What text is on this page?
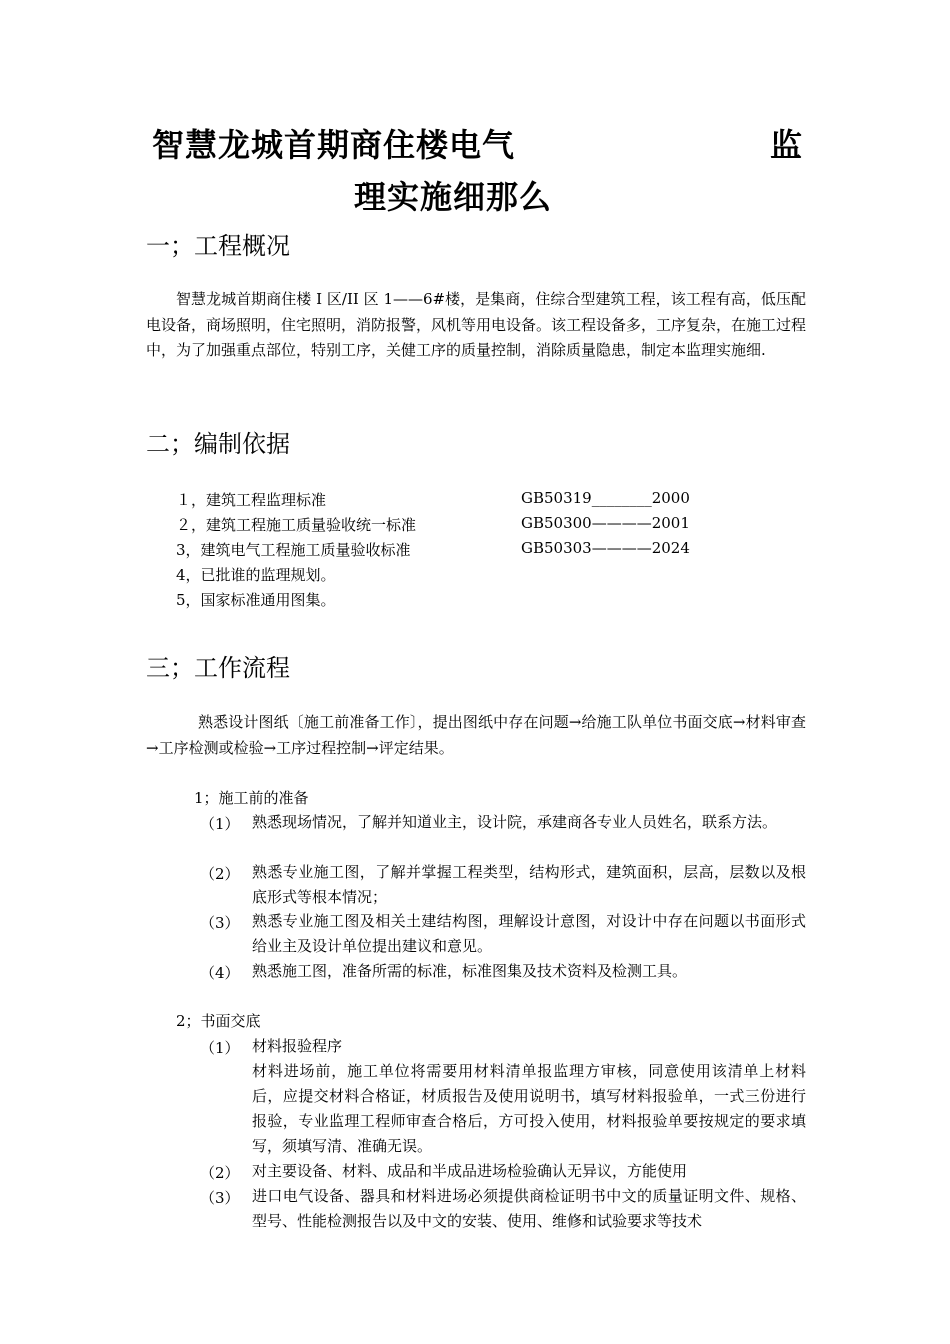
智慧龙城首期商住楼电气	监
理实施细那么
一；工程概况
智慧龙城首期商住楼 I 区/II 区 1——6#楼，是集商，住综合型建筑工程，该工程有高，低压配电设备，商场照明，住宅照明，消防报警，风机等用电设备。该工程设备多，工序复杂，在施工过程中，为了加强重点部位，特别工序，关健工序的质量控制，消除质量隐患，制定本监理实施细.
二；编制依据
１，建筑工程监理标准	GB50319________2000
２，建筑工程施工质量验收统一标准	GB50300————2001
3，建筑电气工程施工质量验收标准	GB50303————2024
4，已批谁的监理规划。
5，国家标准通用图集。
三；工作流程
熟悉设计图纸〔施工前准备工作〕，提出图纸中存在问题→给施工队单位书面交底→材料审查→工序检测或检验→工序过程控制→评定结果。
1；施工前的准备
（1） 熟悉现场情况，了解并知道业主，设计院，承建商各专业人员姓名，联系方法。
（2） 熟悉专业施工图，了解并掌握工程类型，结构形式，建筑面积，层高，层数以及根底形式等根本情况；
（3） 熟悉专业施工图及相关土建结构图，理解设计意图，对设计中存在问题以书面形式给业主及设计单位提出建议和意见。
（4） 熟悉施工图，准备所需的标准，标准图集及技术资料及检测工具。
2；书面交底
（1） 材料报验程序
材料进场前，施工单位将需要用材料清单报监理方审核，同意使用该清单上材料后，应提交材料合格证，材质报告及使用说明书，填写材料报验单，一式三份进行报验，专业监理工程师审查合格后，方可投入使用，材料报验单要按规定的要求填写，须填写清、准确无误。
（2） 对主要设备、材料、成品和半成品进场检验确认无异议，方能使用
（3） 进口电气设备、器具和材料进场必须提供商检证明书中文的质量证明文件、规格、型号、性能检测报告以及中文的安装、使用、维修和试验要求等技术
